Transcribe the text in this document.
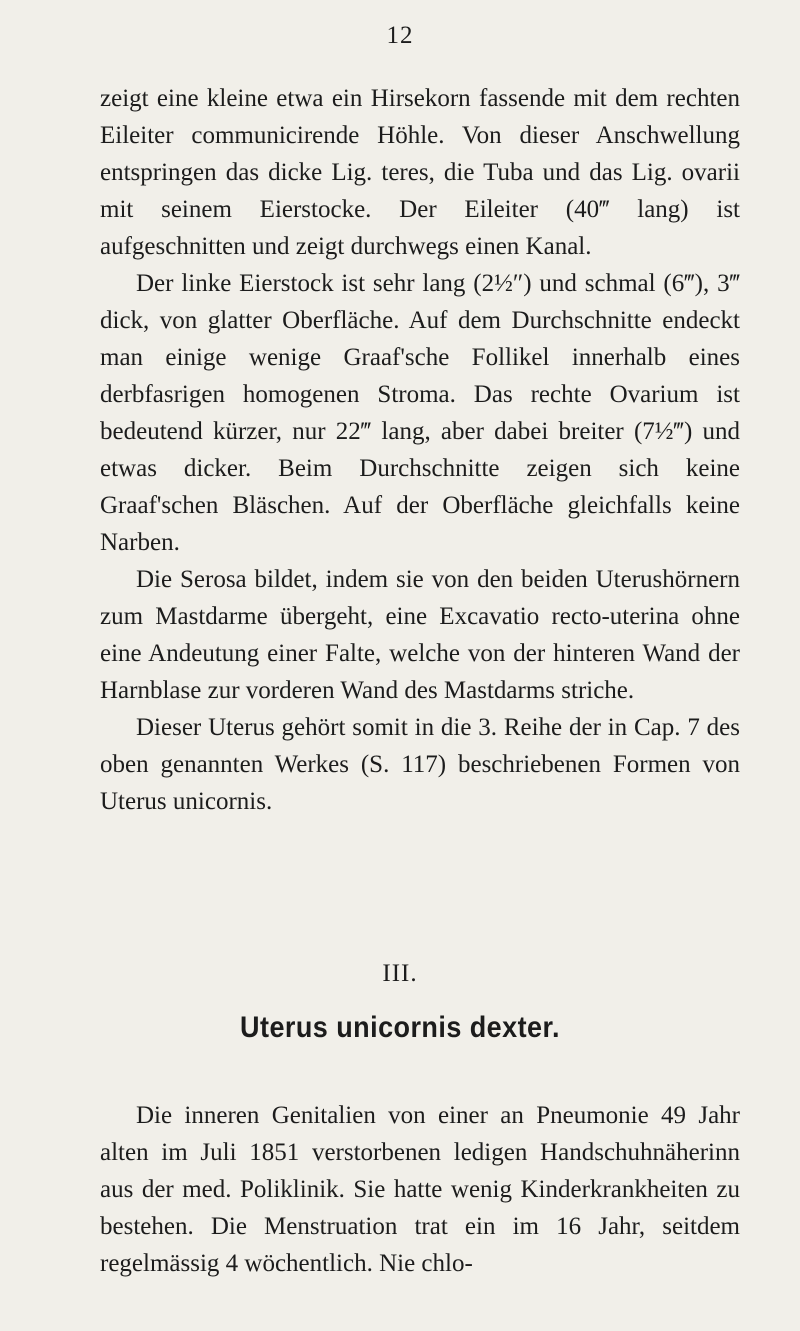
12

zeigt eine kleine etwa ein Hirsekorn fassende mit dem rechten Eileiter communicirende Höhle. Von dieser Anschwellung entspringen das dicke Lig. teres, die Tuba und das Lig. ovarii mit seinem Eierstocke. Der Eileiter (40‴ lang) ist aufgeschnitten und zeigt durchwegs einen Kanal.

Der linke Eierstock ist sehr lang (2½″) und schmal (6‴), 3‴ dick, von glatter Oberfläche. Auf dem Durchschnitte endeckt man einige wenige Graaf'sche Follikel innerhalb eines derbfasrigen homogenen Stroma. Das rechte Ovarium ist bedeutend kürzer, nur 22‴ lang, aber dabei breiter (7½‴) und etwas dicker. Beim Durchschnitte zeigen sich keine Graaf'schen Bläschen. Auf der Oberfläche gleichfalls keine Narben.

Die Serosa bildet, indem sie von den beiden Uterushörnern zum Mastdarme übergeht, eine Excavatio recto-uterina ohne eine Andeutung einer Falte, welche von der hinteren Wand der Harnblase zur vorderen Wand des Mastdarms striche.

Dieser Uterus gehört somit in die 3. Reihe der in Cap. 7 des oben genannten Werkes (S. 117) beschriebenen Formen von Uterus unicornis.

III.
Uterus unicornis dexter.

Die inneren Genitalien von einer an Pneumonie 49 Jahr alten im Juli 1851 verstorbenen ledigen Handschuhnäherinn aus der med. Poliklinik. Sie hatte wenig Kinderkrankheiten zu bestehen. Die Menstruation trat ein im 16 Jahr, seitdem regelmässig 4 wöchentlich. Nie chlo-
